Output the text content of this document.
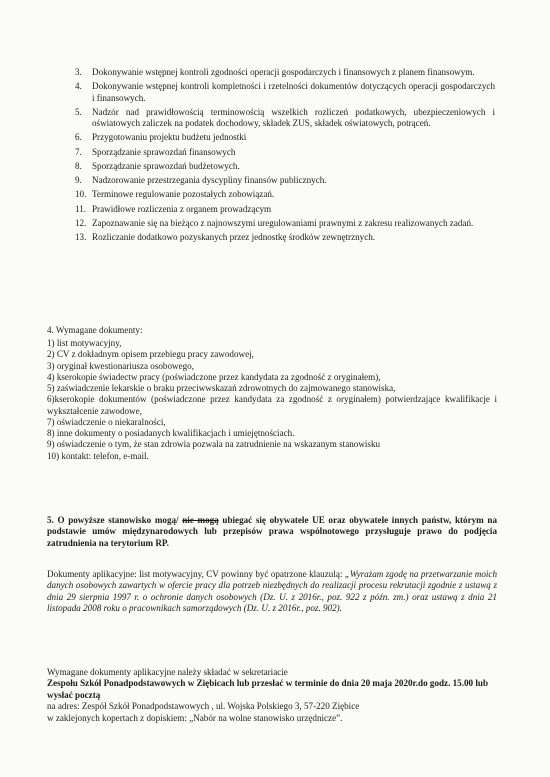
3. Dokonywanie wstępnej kontroli zgodności operacji gospodarczych i finansowych z planem finansowym.
4. Dokonywanie wstępnej kontroli kompletności i rzetelności dokumentów dotyczących operacji gospodarczych i finansowych.
5. Nadzór nad prawidłowością terminowością wszelkich rozliczeń podatkowych, ubezpieczeniowych i oświatowych zaliczek na podatek dochodowy, składek ZUS, składek oświatowych, potrąceń.
6. Przygotowaniu projektu budżetu jednostki
7. Sporządzanie sprawozdań finansowych
8. Sporządzanie sprawozdań budżetowych.
9. Nadzorowanie przestrzegania dyscypliny finansów publicznych.
10. Terminowe regulowanie pozostałych zobowiązań.
11. Prawidłowe rozliczenia z organem prowadzącym
12. Zapoznawanie się na bieżąco z najnowszymi uregulowaniami prawnymi z zakresu realizowanych zadań.
13. Rozliczanie dodatkowo pozyskanych przez jednostkę środków zewnętrznych.
4. Wymagane dokumenty:
1) list motywacyjny,
2) CV z dokładnym opisem przebiegu pracy zawodowej,
3) oryginał kwestionariusza osobowego,
4) kserokopie świadectw pracy (poświadczone przez kandydata za zgodność z oryginałem),
5) zaświadczenie lekarskie o braku przeciwwskazań zdrowotnych do zajmowanego stanowiska,
6)kserokopie dokumentów (poświadczone przez kandydata za zgodność z oryginałem) potwierdzające kwalifikacje i wykształcenie zawodowe,
7) oświadczenie o niekaralności,
8) inne dokumenty o posiadanych kwalifikacjach i umiejętnościach.
9) oświadczenie o tym, że stan zdrowia pozwala na zatrudnienie na wskazanym stanowisku
10) kontakt: telefon, e-mail.
5. O powyższe stanowisko mogą/ nie mogą ubiegać się obywatele UE oraz obywatele innych państw, którym na podstawie umów międzynarodowych lub przepisów prawa wspólnotowego przysługuje prawo do podjęcia zatrudnienia na terytorium RP.
Dokumenty aplikacyjne: list motywacyjny, CV powinny być opatrzone klauzulą: „Wyrażam zgodę na przetwarzanie moich danych osobowych zawartych w ofercie pracy dla potrzeb niezbędnych do realizacji procesu rekrutacji zgodnie z ustawą z dnia 29 sierpnia 1997 r. o ochronie danych osobowych (Dz. U. z 2016r., poz. 922 z późn. zm.) oraz ustawą z dnia 21 listopada 2008 roku o pracownikach samorządowych (Dz. U. z 2016r., poz. 902).
Wymagane dokumenty aplikacyjne należy składać w sekretariacie
Zespołu Szkół Ponadpodstawowych w Ziębicach lub przesłać w terminie do dnia 20 maja 2020r.do godz. 15.00 lub wysłać pocztą
na adres: Zespół Szkół Ponadpodstawowych , ul. Wojska Polskiego 3, 57-220 Ziębice
w zaklejonych kopertach z dopiskiem: „Nabór na wolne stanowisko urzędnicze”.
